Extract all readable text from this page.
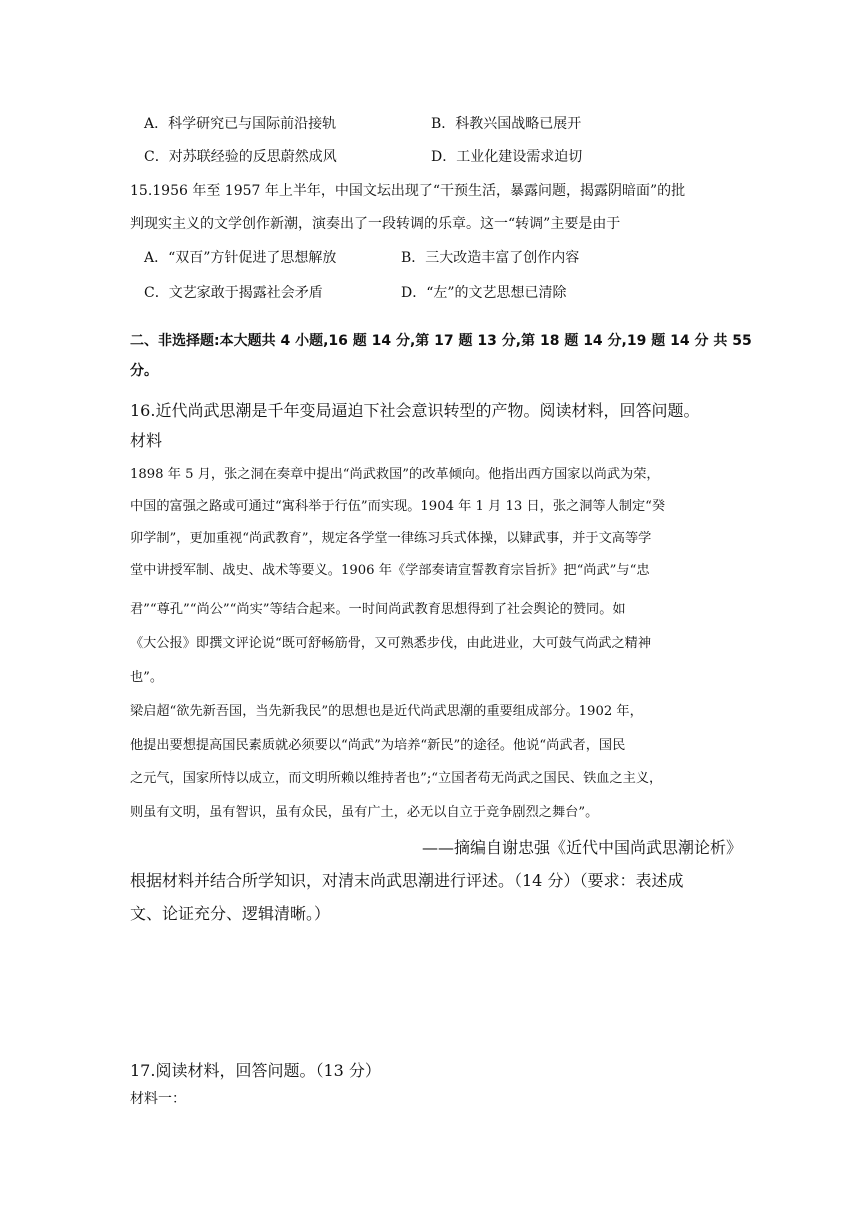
A．科学研究已与国际前沿接轨	B．科教兴国战略已展开
C．对苏联经验的反思蔚然成风	D．工业化建设需求迫切
15.1956 年至 1957 年上半年，中国文坛出现了“干预生活，暴露问题，揭露阴暗面”的批
判现实主义的文学创作新潮，演奏出了一段转调的乐章。这一“转调”主要是由于
A．“双百”方针促进了思想解放	B．三大改造丰富了创作内容
C．文艺家敢于揭露社会矛盾	D．“左”的文艺思想已清除
二、非选择题:本大题共 4 小题,16 题 14 分,第 17 题 13 分,第 18 题 14 分,19 题 14 分 共 55
分。
16.近代尚武思潮是千年变局逼迫下社会意识转型的产物。阅读材料，回答问题。
材料
1898 年 5 月，张之洞在奏章中提出“尚武救国”的改革倾向。他指出西方国家以尚武为荣，
中国的富强之路或可通过“寓科举于行伍”而实现。1904 年 1 月 13 日，张之洞等人制定“癸
卯学制”，更加重视“尚武教育”，规定各学堂一律练习兵式体操，以肄武事，并于文高等学
堂中讲授军制、战史、战术等要义。1906 年《学部奏请宣誓教育宗旨折》把“尚武”与“忠
君”“尊孔”“尚公”“尚实”等结合起来。一时间尚武教育思想得到了社会舆论的赞同。如
《大公报》即撰文评论说“既可舒畅筋骨，又可熟悉步伐，由此进业，大可鼓气尚武之精神
也”。
梁启超“欲先新吾国，当先新我民”的思想也是近代尚武思潮的重要组成部分。1902 年，
他提出要想提高国民素质就必须要以“尚武”为培养“新民”的途径。他说“尚武者，国民
之元气，国家所恃以成立，而文明所赖以维持者也”;“立国者苟无尚武之国民、铁血之主义，
则虽有文明，虽有智识，虽有众民，虽有广土，必无以自立于竞争剧烈之舞台”。
——摘编自谢忠强《近代中国尚武思潮论析》
根据材料并结合所学知识，对清末尚武思潮进行评述。（14 分）（要求：表述成
文、论证充分、逻辑清晰。）
17.阅读材料，回答问题。（13 分）
材料一：
